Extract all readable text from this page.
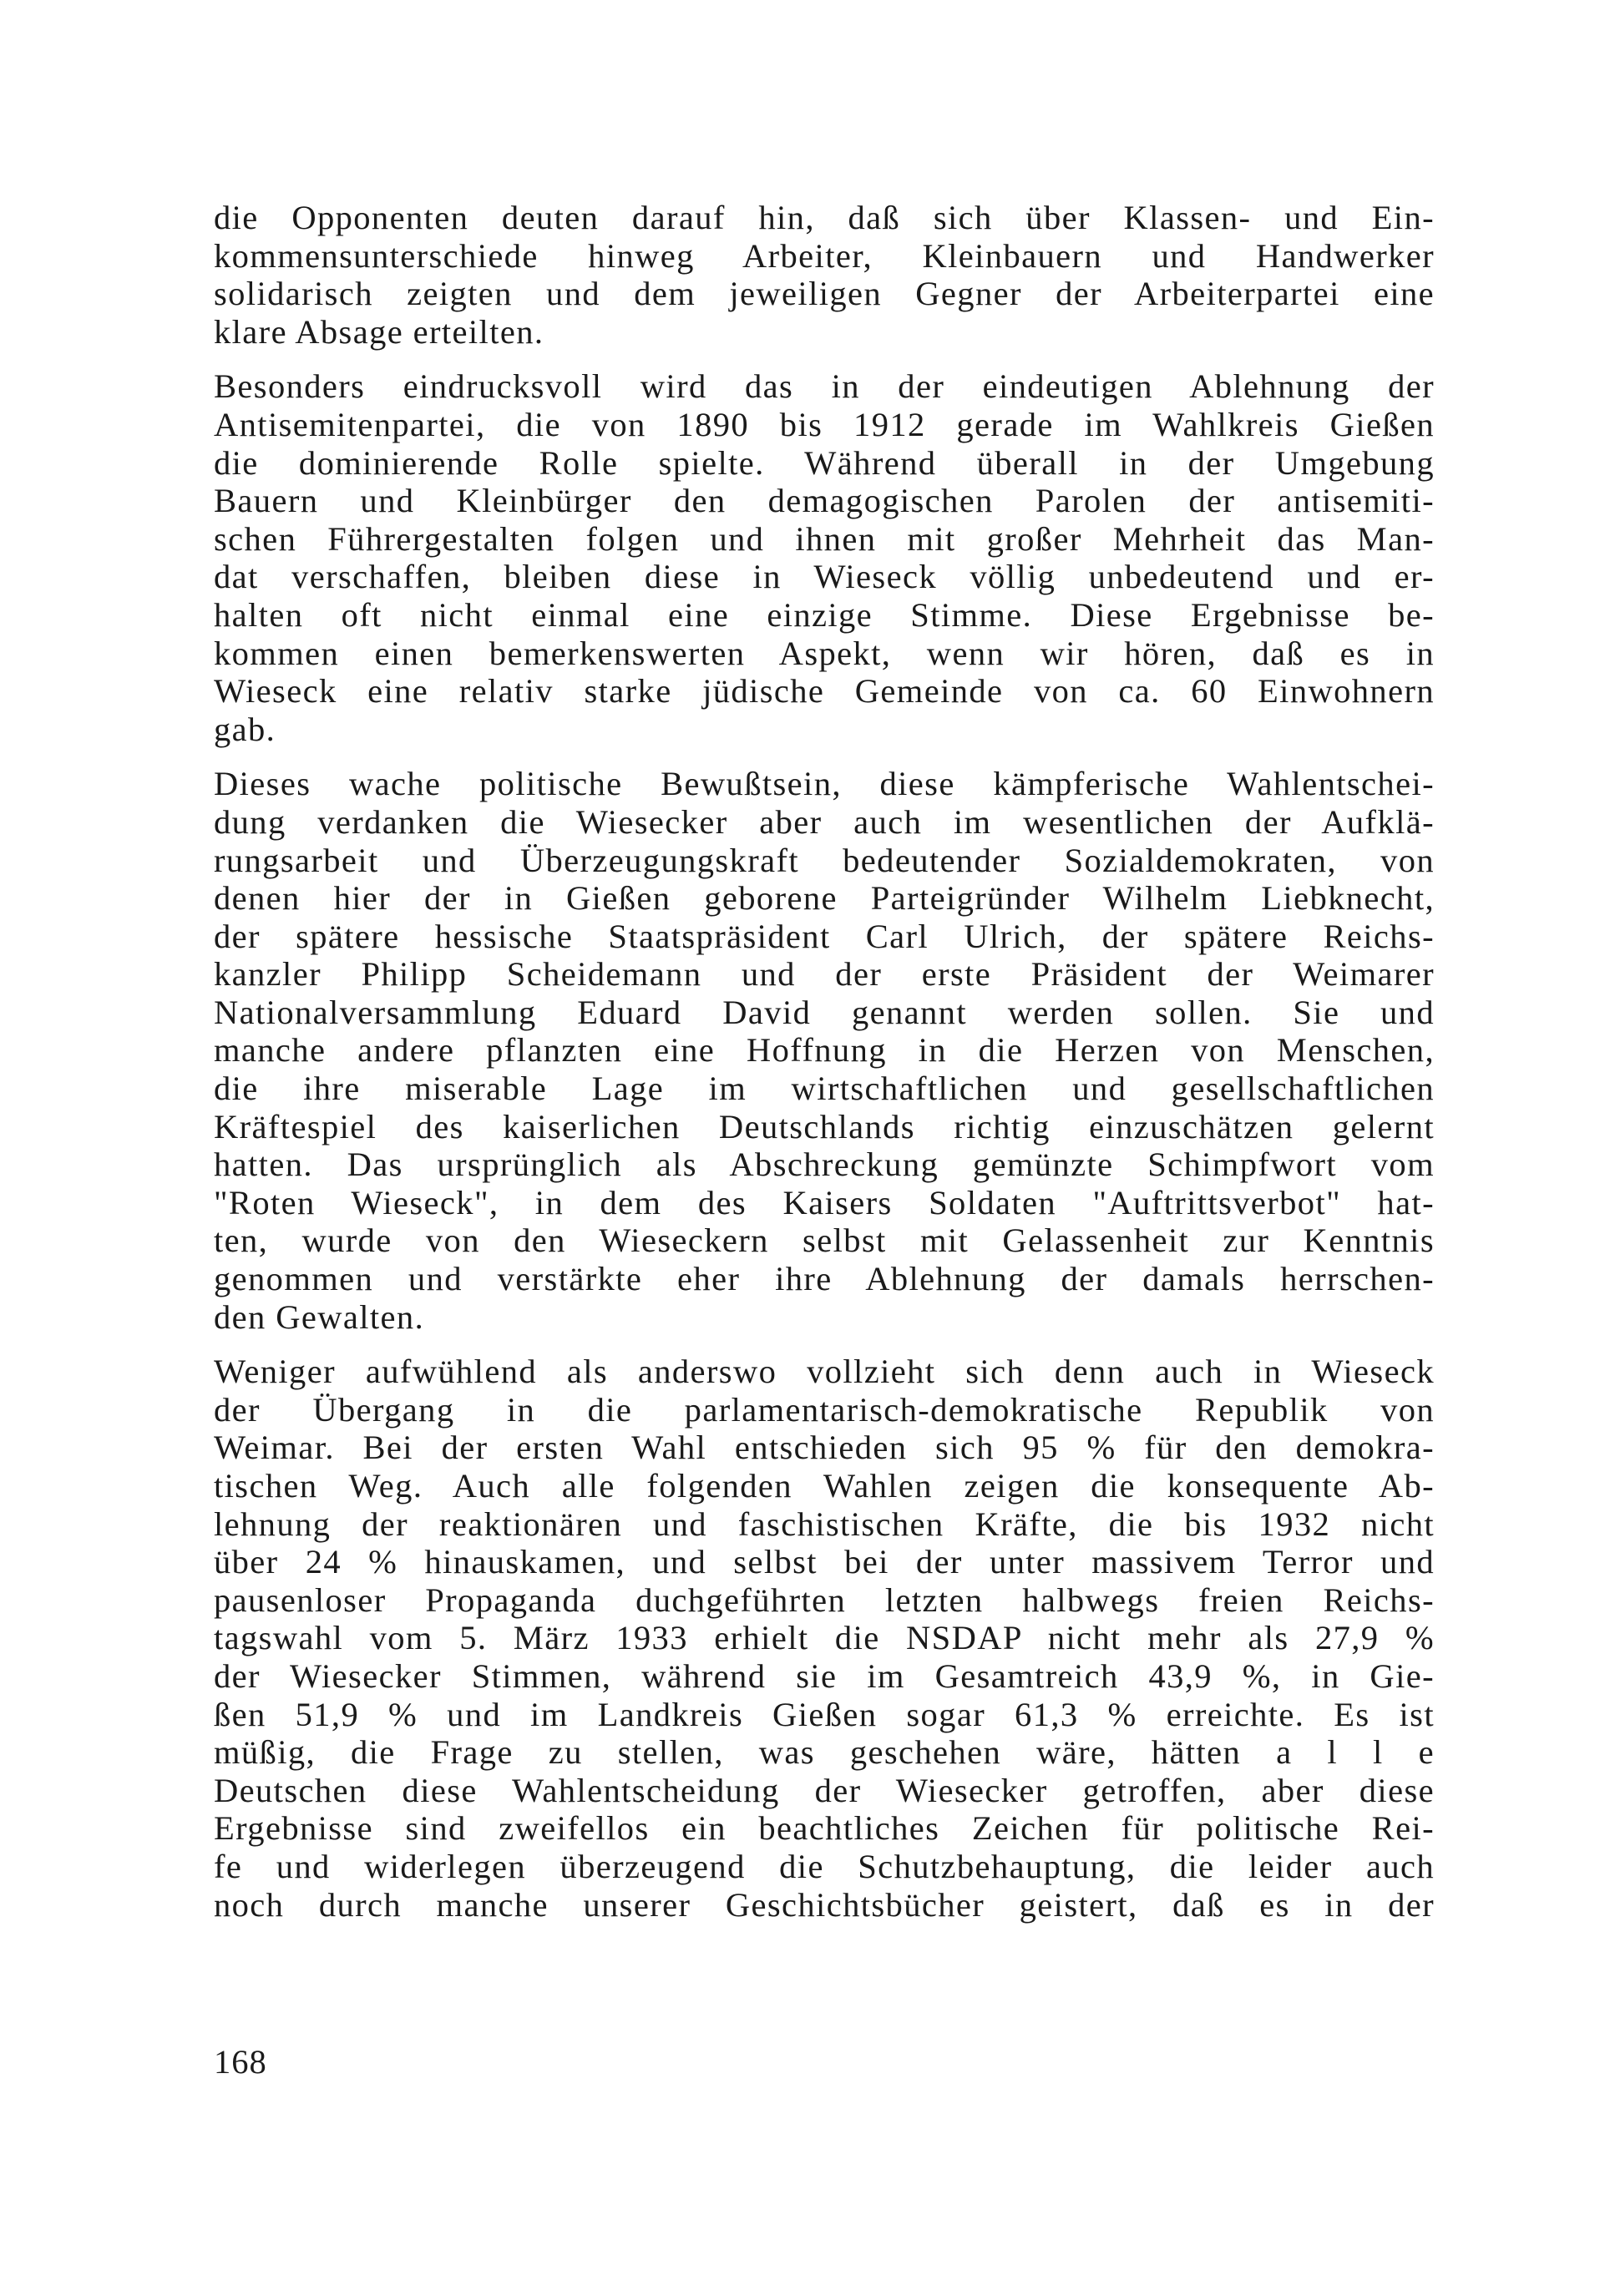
die Opponenten deuten darauf hin, daß sich über Klassen- und Ein-
kommensunterschiede hinweg Arbeiter, Kleinbauern und Handwerker
solidarisch zeigten und dem jeweiligen Gegner der Arbeiterpartei eine
klare Absage erteilten.
Besonders eindrucksvoll wird das in der eindeutigen Ablehnung der
Antisemitenpartei, die von 1890 bis 1912 gerade im Wahlkreis Gießen
die dominierende Rolle spielte. Während überall in der Umgebung
Bauern und Kleinbürger den demagogischen Parolen der antisemiti-
schen Führergestalten folgen und ihnen mit großer Mehrheit das Man-
dat verschaffen, bleiben diese in Wieseck völlig unbedeutend und er-
halten oft nicht einmal eine einzige Stimme. Diese Ergebnisse be-
kommen einen bemerkenswerten Aspekt, wenn wir hören, daß es in
Wieseck eine relativ starke jüdische Gemeinde von ca. 60 Einwohnern
gab.
Dieses wache politische Bewußtsein, diese kämpferische Wahlentschei-
dung verdanken die Wiesecker aber auch im wesentlichen der Aufklä-
rungsarbeit und Überzeugungskraft bedeutender Sozialdemokraten, von
denen hier der in Gießen geborene Parteigründer Wilhelm Liebknecht,
der spätere hessische Staatspräsident Carl Ulrich, der spätere Reichs-
kanzler Philipp Scheidemann und der erste Präsident der Weimarer
Nationalversammlung Eduard David genannt werden sollen. Sie und
manche andere pflanzten eine Hoffnung in die Herzen von Menschen,
die ihre miserable Lage im wirtschaftlichen und gesellschaftlichen
Kräftespiel des kaiserlichen Deutschlands richtig einzuschätzen gelernt
hatten. Das ursprünglich als Abschreckung gemünzte Schimpfwort vom
"Roten Wieseck", in dem des Kaisers Soldaten "Auftrittsverbot" hat-
ten, wurde von den Wieseckern selbst mit Gelassenheit zur Kenntnis
genommen und verstärkte eher ihre Ablehnung der damals herrschen-
den Gewalten.
Weniger aufwühlend als anderswo vollzieht sich denn auch in Wieseck
der Übergang in die parlamentarisch-demokratische Republik von
Weimar. Bei der ersten Wahl entschieden sich 95 % für den demokra-
tischen Weg. Auch alle folgenden Wahlen zeigen die konsequente Ab-
lehnung der reaktionären und faschistischen Kräfte, die bis 1932 nicht
über 24 % hinauskamen, und selbst bei der unter massivem Terror und
pausenloser Propaganda duchgeführten letzten halbwegs freien Reichs-
tagswahl vom 5. März 1933 erhielt die NSDAP nicht mehr als 27,9 %
der Wiesecker Stimmen, während sie im Gesamtreich 43,9 %, in Gie-
ßen 51,9 % und im Landkreis Gießen sogar 61,3 % erreichte. Es ist
müßig, die Frage zu stellen, was geschehen wäre, hätten a l l e
Deutschen diese Wahlentscheidung der Wiesecker getroffen, aber diese
Ergebnisse sind zweifellos ein beachtliches Zeichen für politische Rei-
fe und widerlegen überzeugend die Schutzbehauptung, die leider auch
noch durch manche unserer Geschichtsbücher geistert, daß es in der
168
